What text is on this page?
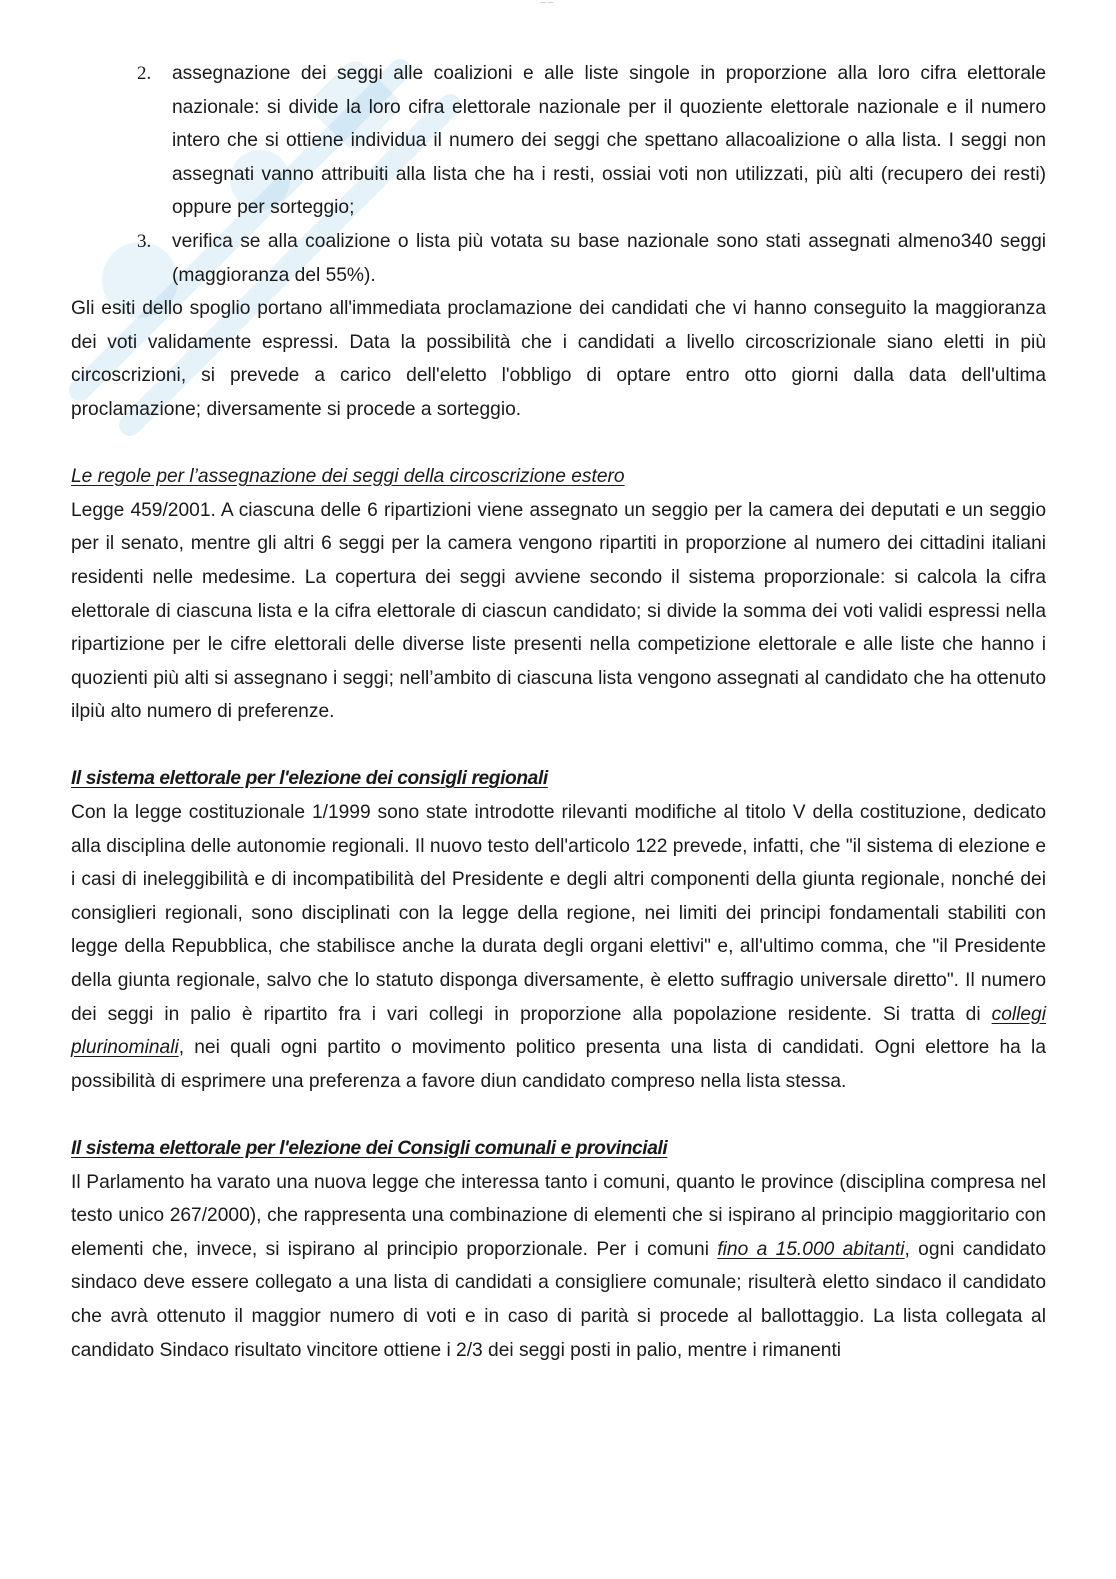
— —
2. assegnazione dei seggi alle coalizioni e alle liste singole in proporzione alla loro cifra elettorale nazionale: si divide la loro cifra elettorale nazionale per il quoziente elettorale nazionale e il numero intero che si ottiene individua il numero dei seggi che spettano allacoalizione o alla lista. I seggi non assegnati vanno attribuiti alla lista che ha i resti, ossiai voti non utilizzati, più alti (recupero dei resti) oppure per sorteggio;
3. verifica se alla coalizione o lista più votata su base nazionale sono stati assegnati almeno340 seggi (maggioranza del 55%).

Gli esiti dello spoglio portano all'immediata proclamazione dei candidati che vi hanno conseguito la maggioranza dei voti validamente espressi. Data la possibilità che i candidati a livello circoscrizionale siano eletti in più circoscrizioni, si prevede a carico dell'eletto l'obbligo di optare entro otto giorni dalla data dell'ultima proclamazione; diversamente si procede a sorteggio.

Le regole per l’assegnazione dei seggi della circoscrizione estero

Legge 459/2001. A ciascuna delle 6 ripartizioni viene assegnato un seggio per la camera dei deputati e un seggio per il senato, mentre gli altri 6 seggi per la camera vengono ripartiti in proporzione al numero dei cittadini italiani residenti nelle medesime. La copertura dei seggi avviene secondo il sistema proporzionale: si calcola la cifra elettorale di ciascuna lista e la cifra elettorale di ciascun candidato; si divide la somma dei voti validi espressi nella ripartizione per le cifre elettorali delle diverse liste presenti nella competizione elettorale e alle liste che hanno i quozienti più alti si assegnano i seggi; nell’ambito di ciascuna lista vengono assegnati al candidato che ha ottenuto ilpiù alto numero di preferenze.

Il sistema elettorale per l'elezione dei consigli regionali

Con la legge costituzionale 1/1999 sono state introdotte rilevanti modifiche al titolo V della costituzione, dedicato alla disciplina delle autonomie regionali. Il nuovo testo dell'articolo 122 prevede, infatti, che "il sistema di elezione e i casi di ineleggibilità e di incompatibilità del Presidente e degli altri componenti della giunta regionale, nonché dei consiglieri regionali, sono disciplinati con la legge della regione, nei limiti dei principi fondamentali stabiliti con legge della Repubblica, che stabilisce anche la durata degli organi elettivi" e, all'ultimo comma, che "il Presidente della giunta regionale, salvo che lo statuto disponga diversamente, è eletto suffragio universale diretto". Il numero dei seggi in palio è ripartito fra i vari collegi in proporzione alla popolazione residente. Si tratta di collegi plurinominali, nei quali ogni partito o movimento politico presenta una lista di candidati. Ogni elettore ha la possibilità di esprimere una preferenza a favore diun candidato compreso nella lista stessa.

Il sistema elettorale per l'elezione dei Consigli comunali e provinciali

Il Parlamento ha varato una nuova legge che interessa tanto i comuni, quanto le province (disciplina compresa nel testo unico 267/2000), che rappresenta una combinazione di elementi che si ispirano al principio maggioritario con elementi che, invece, si ispirano al principio proporzionale. Per i comuni fino a 15.000 abitanti, ogni candidato sindaco deve essere collegato a una lista di candidati a consigliere comunale; risulterà eletto sindaco il candidato che avrà ottenuto il maggior numero di voti e in caso di parità si procede al ballottaggio. La lista collegata al candidato Sindaco risultato vincitore ottiene i 2/3 dei seggi posti in palio, mentre i rimanenti
